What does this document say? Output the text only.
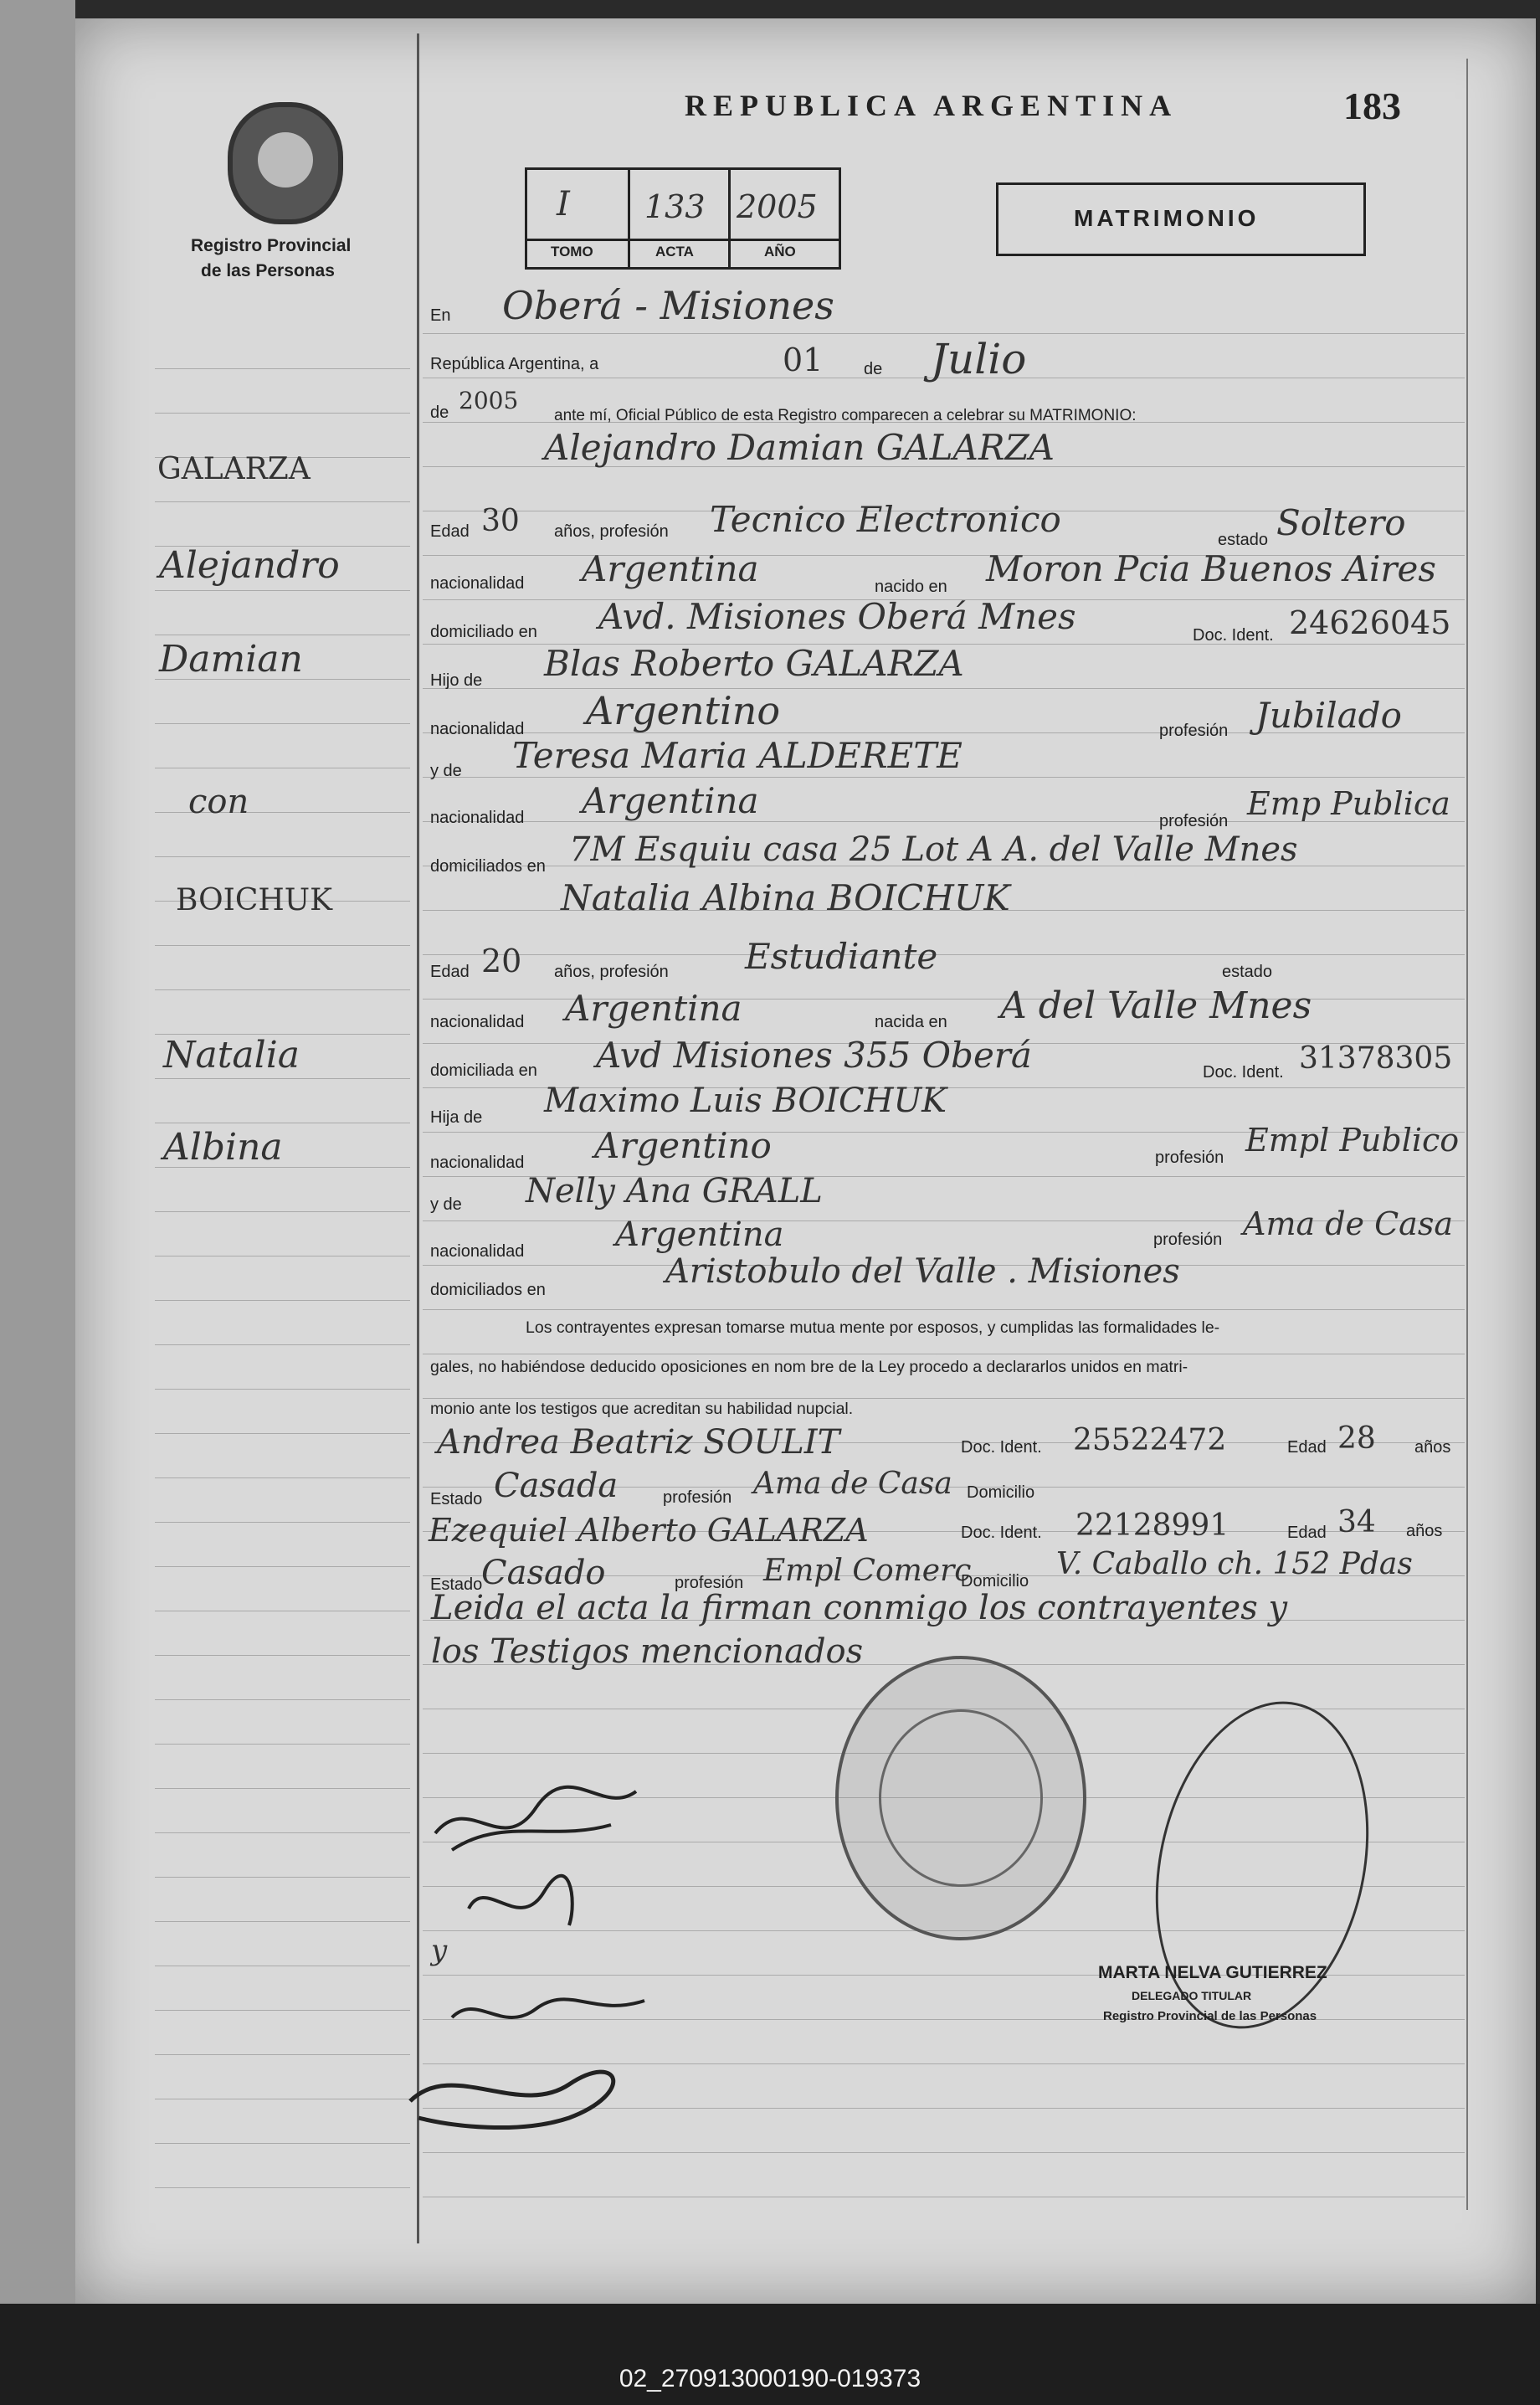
Registro Provincial
de las Personas
REPUBLICA ARGENTINA	183
I 133 2005
TOMO	ACTA	AÑO
MATRIMONIO
GALARZA
Alejandro
Damian
con
BOICHUK
Natalia
Albina
En Oberá - Misiones
República Argentina, a	01 de Julio
de 2005
ante mí, Oficial Público de esta Registro comparecen a celebrar su MATRIMONIO:
Alejandro Damian GALARZA
Edad 30 años, profesión Tecnico Electronico	estado Soltero
nacionalidad Argentina	nacido en Moron Pcia Buenos Aires
domiciliado en Avd. Misiones Oberá Mnes	Doc. Ident. 24626045
Hijo de Blas Roberto GALARZA
nacionalidad Argentino	profesión Jubilado
y de Teresa Maria ALDERETE
nacionalidad Argentina	profesión Emp Publica
domiciliados en 7M Esquiu casa 25 Lot A A. del Valle Mnes
Natalia Albina BOICHUK
Edad 20 años, profesión Estudiante	estado
nacionalidad Argentina	nacida en A del Valle Mnes
domiciliada en Avd Misiones 355 Oberá	Doc. Ident. 31378305
Hija de Maximo Luis BOICHUK
nacionalidad Argentino	profesión Empl Publico
y de Nelly Ana GRALL
nacionalidad	Argentina	profesión Ama de Casa
domiciliados en	Aristobulo del Valle . Misiones
Los contrayentes expresan tomarse mutua mente por esposos, y cumplidas las formalidades le-
gales, no habiéndose deducido oposiciones en nom bre de la Ley procedo a declararlos unidos en matri-
monio ante los testigos que acreditan su habilidad nupcial.
Andrea Beatriz SOULIT	Doc. Ident. 25522472	Edad 28 años
Estado Casada	profesión Ama de Casa Domicilio
Ezequiel Alberto GALARZA	Doc. Ident. 22128991	Edad 34 años
Estado
Casado	profesión Empl Comerc
Domicilio V. Caballo ch. 152 Pdas
Leida el acta la firman conmigo los contrayentes y
los Testigos mencionados
MARTA NELVA GUTIERREZ
DELEGADO TITULAR
Registro Provincial de las Personas
y
02_270913000190-019373
